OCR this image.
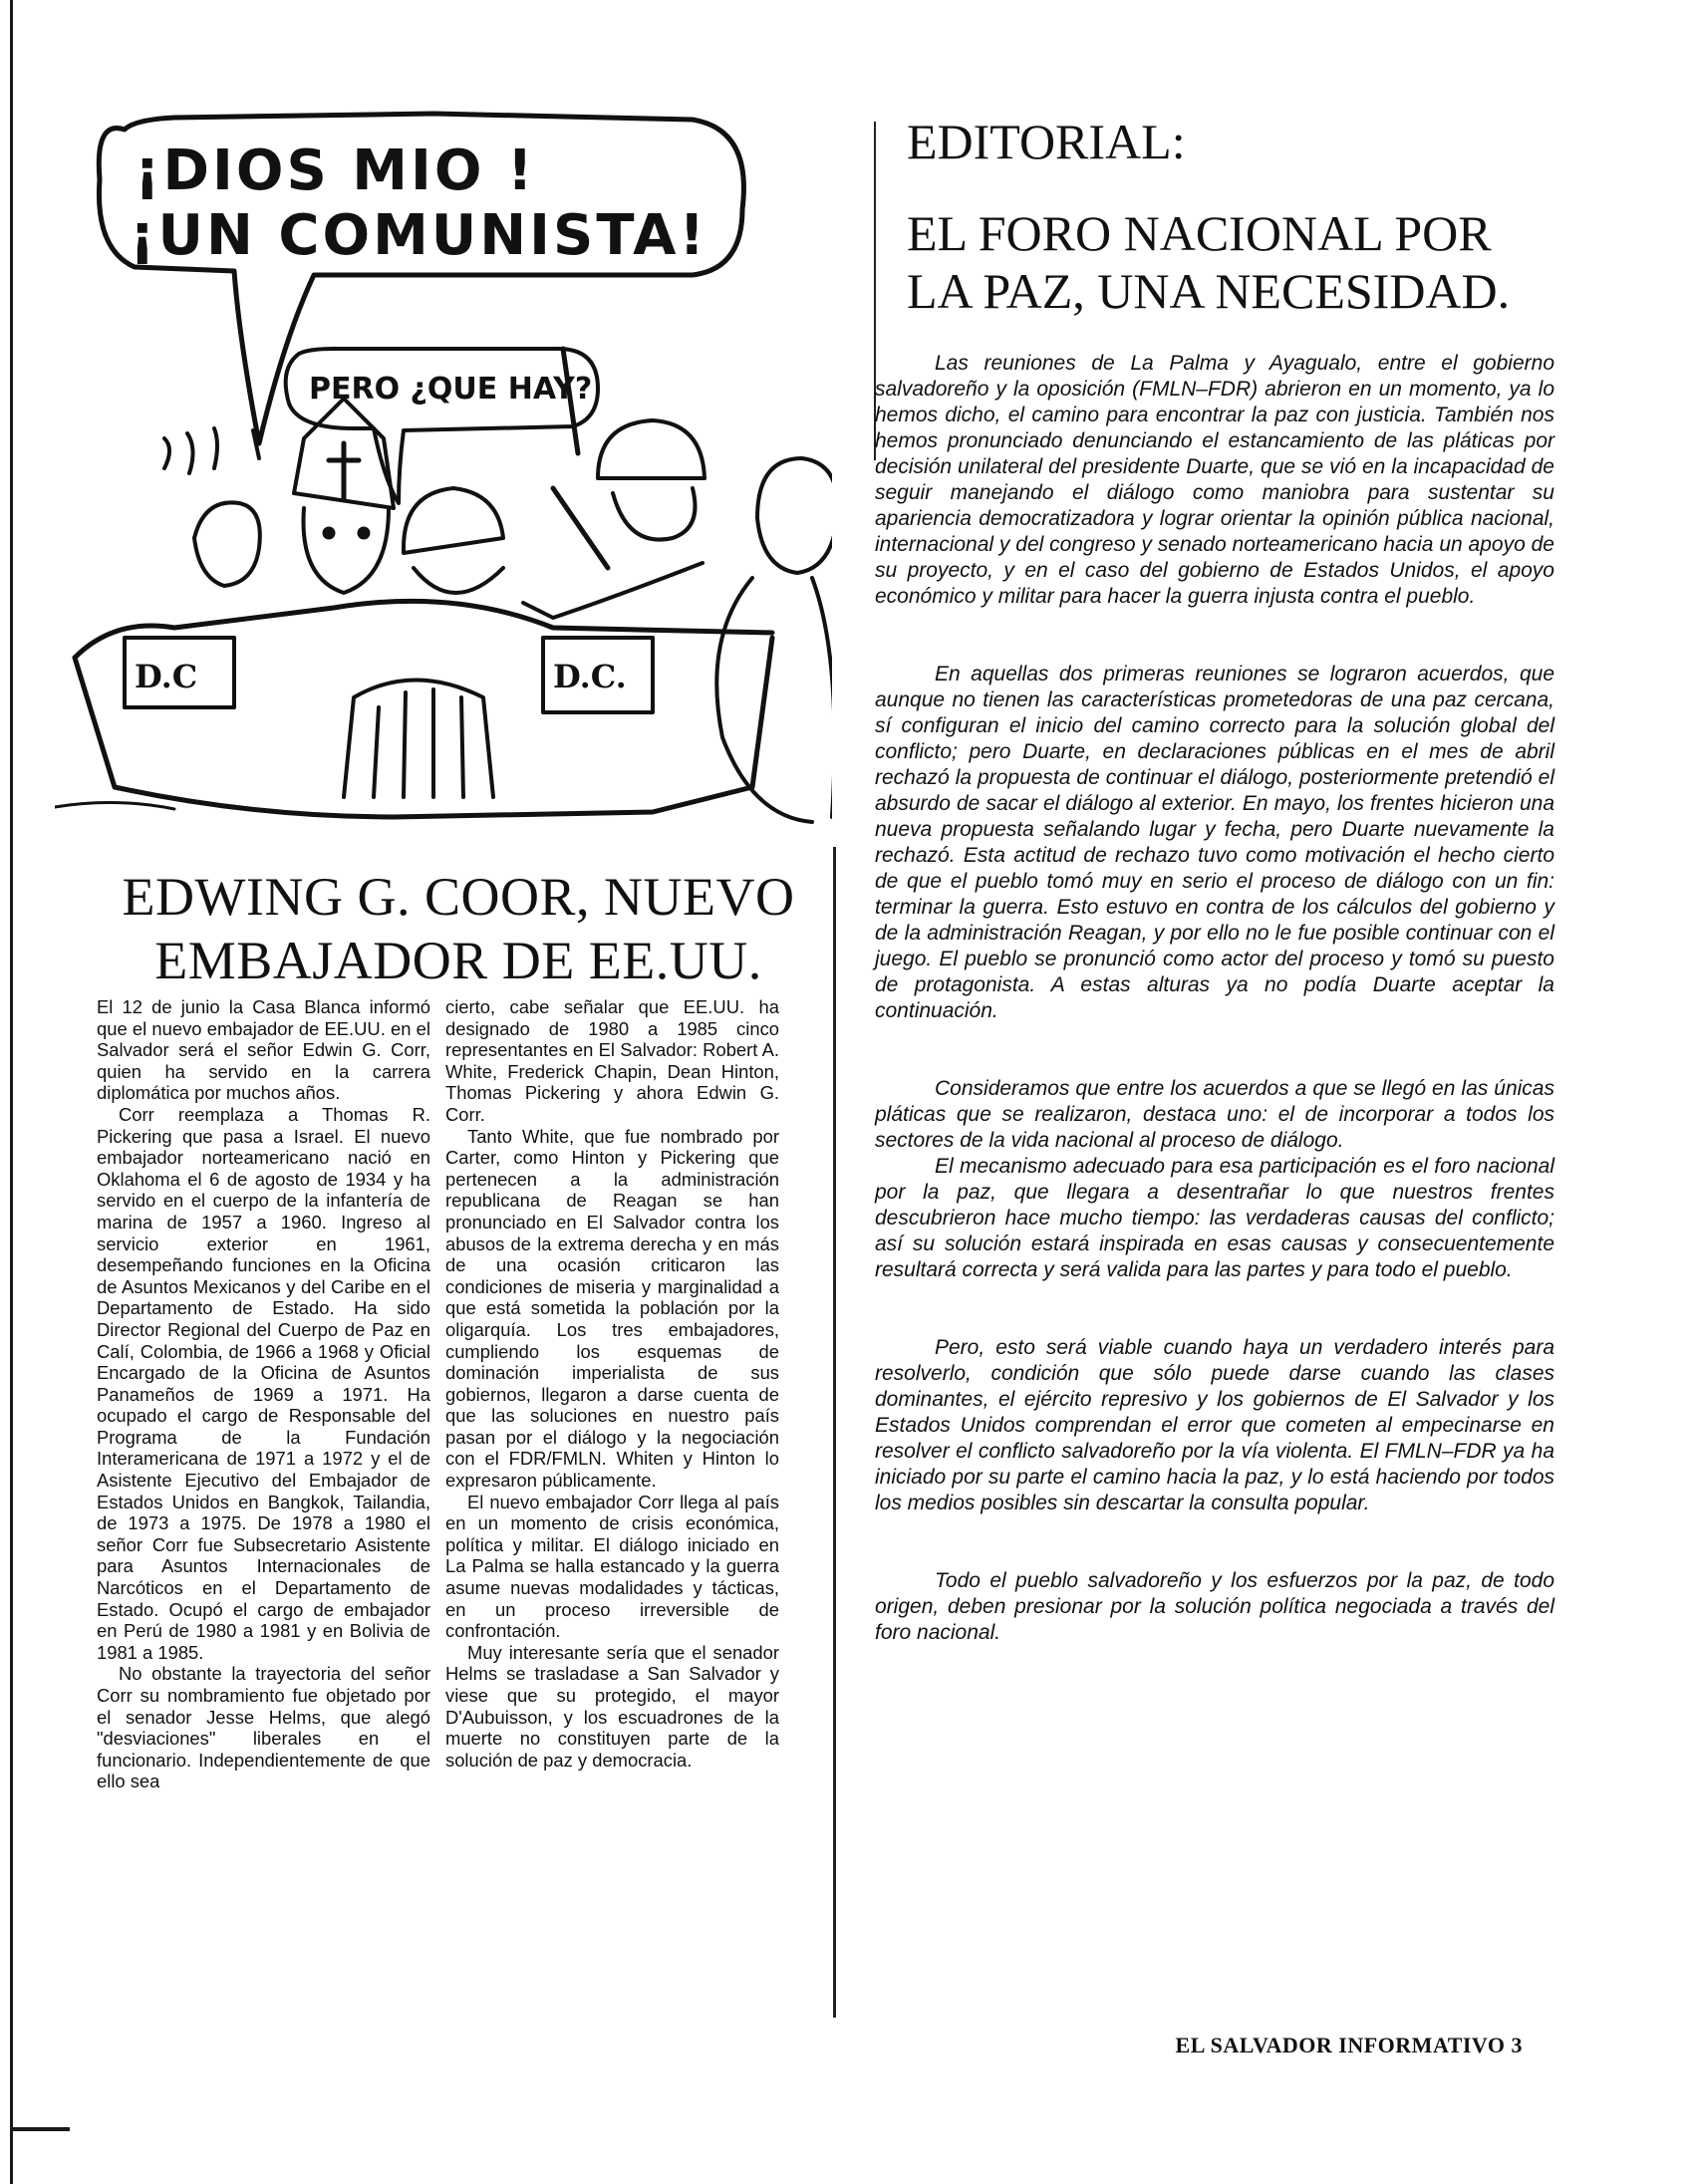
¡DIOS MIO !
¡UN COMUNISTA!
PERO ¿QUE HAY?
D.C	D.C.
EDWING G. COOR, NUEVO
EMBAJADOR DE EE.UU.

El 12 de junio la Casa Blanca informó que el nuevo embajador de EE.UU. en el Salvador será el señor Edwin G. Corr, quien ha servido en la carrera diplomática por muchos años.

Corr reemplaza a Thomas R. Pickering que pasa a Israel. El nuevo embajador norteamericano nació en Oklahoma el 6 de agosto de 1934 y ha servido en el cuerpo de la infantería de marina de 1957 a 1960. Ingreso al servicio exterior en 1961, desempeñando funciones en la Oficina de Asuntos Mexicanos y del Caribe en el Departamento de Estado. Ha sido Director Regional del Cuerpo de Paz en Calí, Colombia, de 1966 a 1968 y Oficial Encargado de la Oficina de Asuntos Panameños de 1969 a 1971. Ha ocupado el cargo de Responsable del Programa de la Fundación Interamericana de 1971 a 1972 y el de Asistente Ejecutivo del Embajador de Estados Unidos en Bangkok, Tailandia, de 1973 a 1975. De 1978 a 1980 el señor Corr fue Subsecretario Asistente para Asuntos Internacionales de Narcóticos en el Departamento de Estado. Ocupó el cargo de embajador en Perú de 1980 a 1981 y en Bolivia de 1981 a 1985.

No obstante la trayectoria del señor Corr su nombramiento fue objetado por el senador Jesse Helms, que alegó "desviaciones" liberales en el funcionario. Independientemente de que ello sea

cierto, cabe señalar que EE.UU. ha designado de 1980 a 1985 cinco representantes en El Salvador: Robert A. White, Frederick Chapin, Dean Hinton, Thomas Pickering y ahora Edwin G. Corr.

Tanto White, que fue nombrado por Carter, como Hinton y Pickering que pertenecen a la administración republicana de Reagan se han pronunciado en El Salvador contra los abusos de la extrema derecha y en más de una ocasión criticaron las condiciones de miseria y marginalidad a que está sometida la población por la oligarquía. Los tres embajadores, cumpliendo los esquemas de dominación imperialista de sus gobiernos, llegaron a darse cuenta de que las soluciones en nuestro país pasan por el diálogo y la negociación con el FDR/FMLN. Whiten y Hinton lo expresaron públicamente.

El nuevo embajador Corr llega al país en un momento de crisis económica, política y militar. El diálogo iniciado en La Palma se halla estancado y la guerra asume nuevas modalidades y tácticas, en un proceso irreversible de confrontación.

Muy interesante sería que el senador Helms se trasladase a San Salvador y viese que su protegido, el mayor D'Aubuisson, y los escuadrones de la muerte no constituyen parte de la solución de paz y democracia.

EDITORIAL:
EL FORO NACIONAL POR
LA PAZ, UNA NECESIDAD.

Las reuniones de La Palma y Ayagualo, entre el gobierno salvadoreño y la oposición (FMLN–FDR) abrieron en un momento, ya lo hemos dicho, el camino para encontrar la paz con justicia. También nos hemos pronunciado denunciando el estancamiento de las pláticas por decisión unilateral del presidente Duarte, que se vió en la incapacidad de seguir manejando el diálogo como maniobra para sustentar su apariencia democratizadora y lograr orientar la opinión pública nacional, internacional y del congreso y senado norteamericano hacia un apoyo de su proyecto, y en el caso del gobierno de Estados Unidos, el apoyo económico y militar para hacer la guerra injusta contra el pueblo.

En aquellas dos primeras reuniones se lograron acuerdos, que aunque no tienen las características prometedoras de una paz cercana, sí configuran el inicio del camino correcto para la solución global del conflicto; pero Duarte, en declaraciones públicas en el mes de abril rechazó la propuesta de continuar el diálogo, posteriormente pretendió el absurdo de sacar el diálogo al exterior. En mayo, los frentes hicieron una nueva propuesta señalando lugar y fecha, pero Duarte nuevamente la rechazó. Esta actitud de rechazo tuvo como motivación el hecho cierto de que el pueblo tomó muy en serio el proceso de diálogo con un fin: terminar la guerra. Esto estuvo en contra de los cálculos del gobierno y de la administración Reagan, y por ello no le fue posible continuar con el juego. El pueblo se pronunció como actor del proceso y tomó su puesto de protagonista. A estas alturas ya no podía Duarte aceptar la continuación.

Consideramos que entre los acuerdos a que se llegó en las únicas pláticas que se realizaron, destaca uno: el de incorporar a todos los sectores de la vida nacional al proceso de diálogo.

El mecanismo adecuado para esa participación es el foro nacional por la paz, que llegara a desentrañar lo que nuestros frentes descubrieron hace mucho tiempo: las verdaderas causas del conflicto; así su solución estará inspirada en esas causas y consecuentemente resultará correcta y será valida para las partes y para todo el pueblo.

Pero, esto será viable cuando haya un verdadero interés para resolverlo, condición que sólo puede darse cuando las clases dominantes, el ejército represivo y los gobiernos de El Salvador y los Estados Unidos comprendan el error que cometen al empecinarse en resolver el conflicto salvadoreño por la vía violenta. El FMLN–FDR ya ha iniciado por su parte el camino hacia la paz, y lo está haciendo por todos los medios posibles sin descartar la consulta popular.

Todo el pueblo salvadoreño y los esfuerzos por la paz, de todo origen, deben presionar por la solución política negociada a través del foro nacional.

EL SALVADOR INFORMATIVO 3
